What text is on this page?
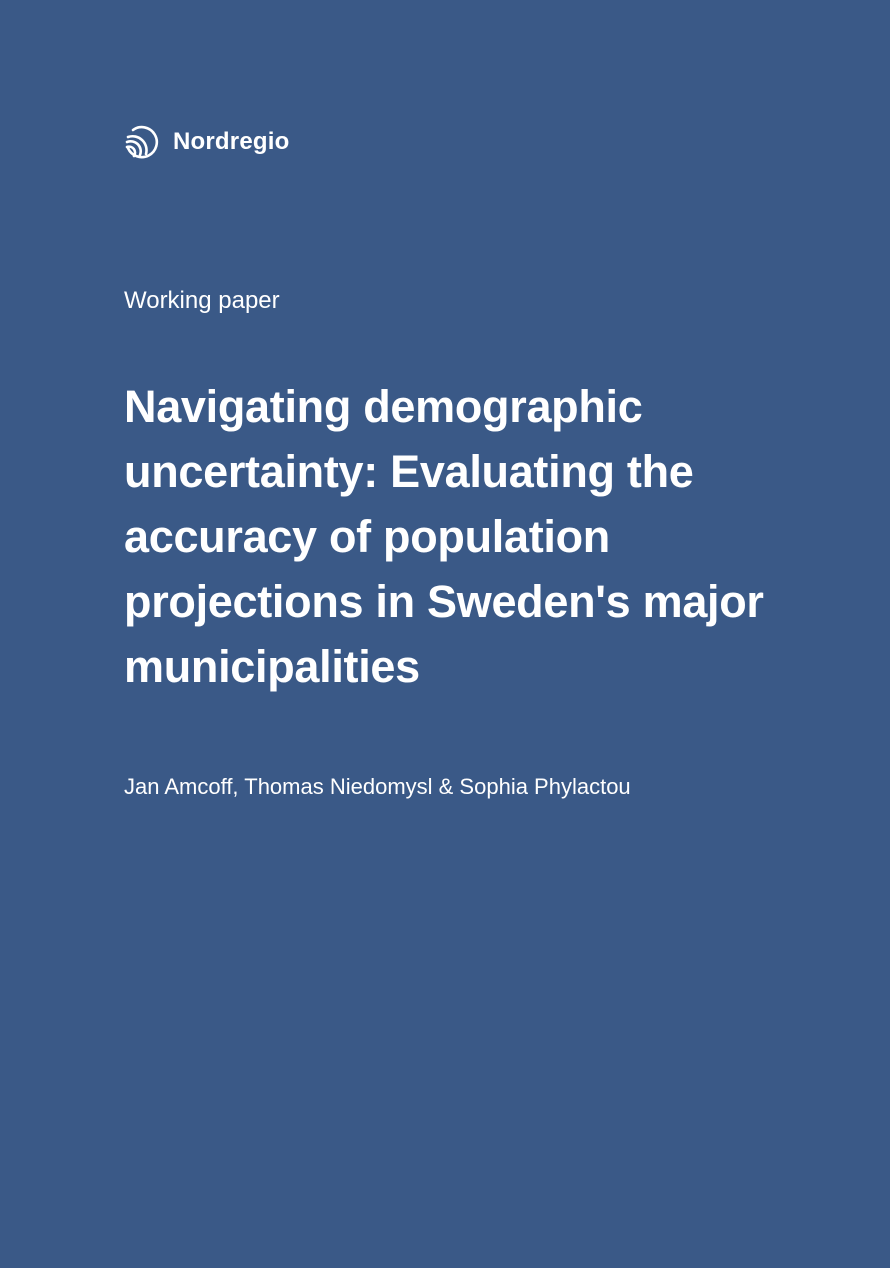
Nordregio
Working paper
Navigating demographic uncertainty: Evaluating the accuracy of population projections in Sweden's major municipalities
Jan Amcoff, Thomas Niedomysl & Sophia Phylactou
